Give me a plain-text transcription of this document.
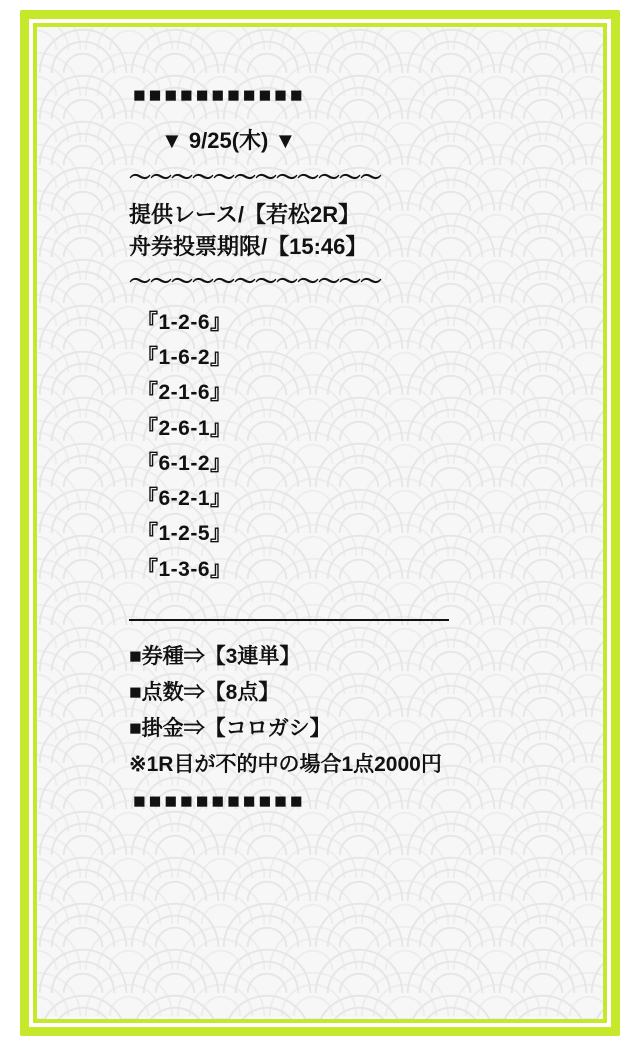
■■■■■■■■■■■
▼ 9/25(木) ▼
〜〜〜〜〜〜〜〜〜〜〜〜
提供レース/【若松2R】
舟券投票期限/【15:46】
〜〜〜〜〜〜〜〜〜〜〜〜
『1-2-6』
『1-6-2』
『2-1-6』
『2-6-1』
『6-1-2』
『6-2-1』
『1-2-5』
『1-3-6』
■券種⇒【3連単】
■点数⇒【8点】
■掛金⇒【コロガシ】
※1R目が不的中の場合1点2000円
■■■■■■■■■■■
